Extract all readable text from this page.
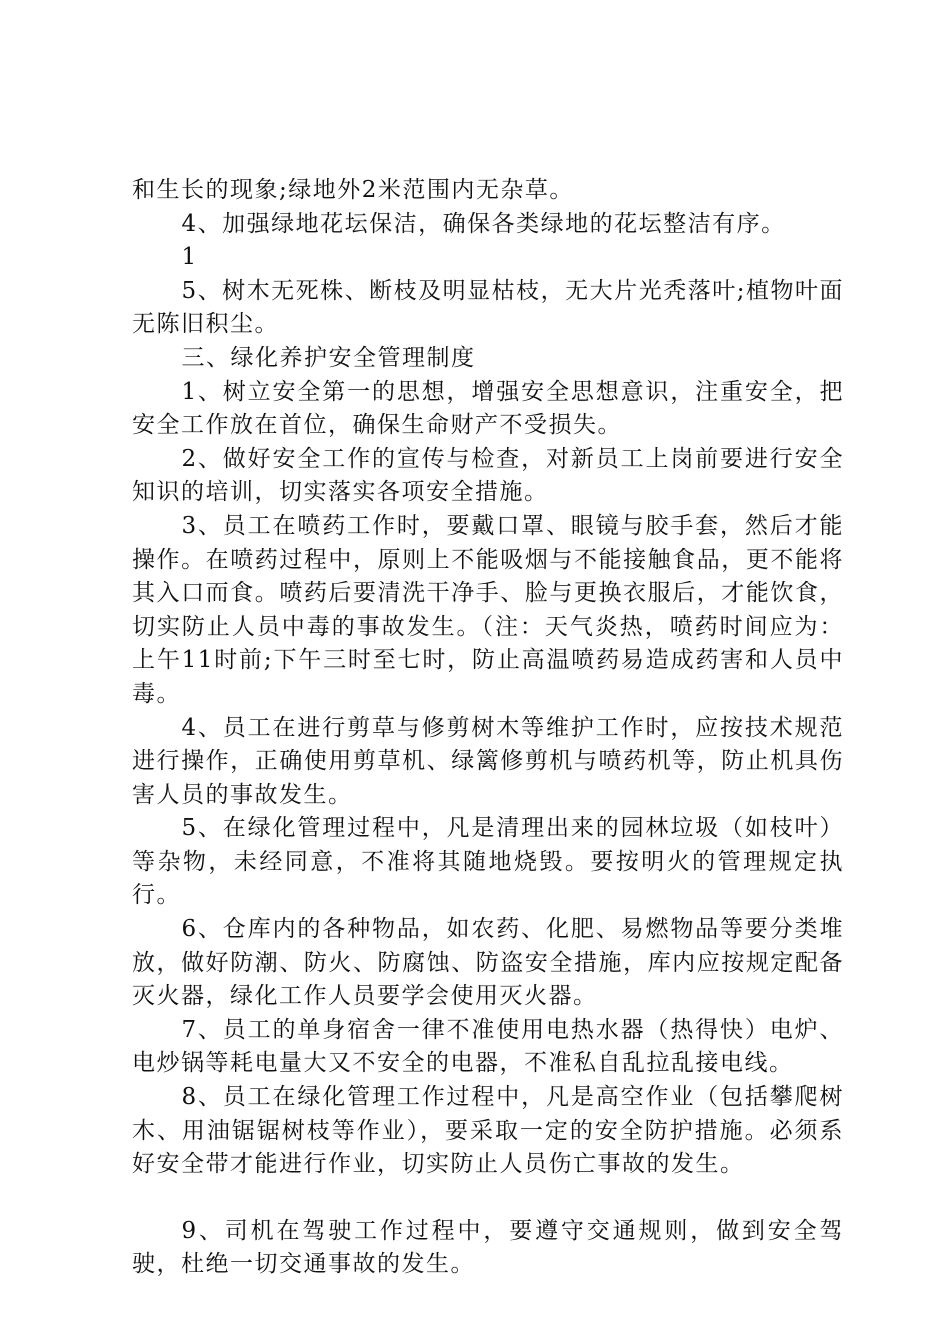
和生长的现象;绿地外2米范围内无杂草。

4、加强绿地花坛保洁，确保各类绿地的花坛整洁有序。

1

5、树木无死株、断枝及明显枯枝，无大片光秃落叶;植物叶面无陈旧积尘。

三、绿化养护安全管理制度

1、树立安全第一的思想，增强安全思想意识，注重安全，把安全工作放在首位，确保生命财产不受损失。

2、做好安全工作的宣传与检查，对新员工上岗前要进行安全知识的培训，切实落实各项安全措施。

3、员工在喷药工作时，要戴口罩、眼镜与胶手套，然后才能操作。在喷药过程中，原则上不能吸烟与不能接触食品，更不能将其入口而食。喷药后要清洗干净手、脸与更换衣服后，才能饮食，切实防止人员中毒的事故发生。（注：天气炎热，喷药时间应为：上午11时前;下午三时至七时，防止高温喷药易造成药害和人员中毒。

4、员工在进行剪草与修剪树木等维护工作时，应按技术规范进行操作，正确使用剪草机、绿篱修剪机与喷药机等，防止机具伤害人员的事故发生。

5、在绿化管理过程中，凡是清理出来的园林垃圾（如枝叶）等杂物，未经同意，不准将其随地烧毁。要按明火的管理规定执行。

6、仓库内的各种物品，如农药、化肥、易燃物品等要分类堆放，做好防潮、防火、防腐蚀、防盗安全措施，库内应按规定配备灭火器，绿化工作人员要学会使用灭火器。

7、员工的单身宿舍一律不准使用电热水器（热得快）电炉、电炒锅等耗电量大又不安全的电器，不准私自乱拉乱接电线。

8、员工在绿化管理工作过程中，凡是高空作业（包括攀爬树木、用油锯锯树枝等作业），要采取一定的安全防护措施。必须系好安全带才能进行作业，切实防止人员伤亡事故的发生。

9、司机在驾驶工作过程中，要遵守交通规则，做到安全驾驶，杜绝一切交通事故的发生。
